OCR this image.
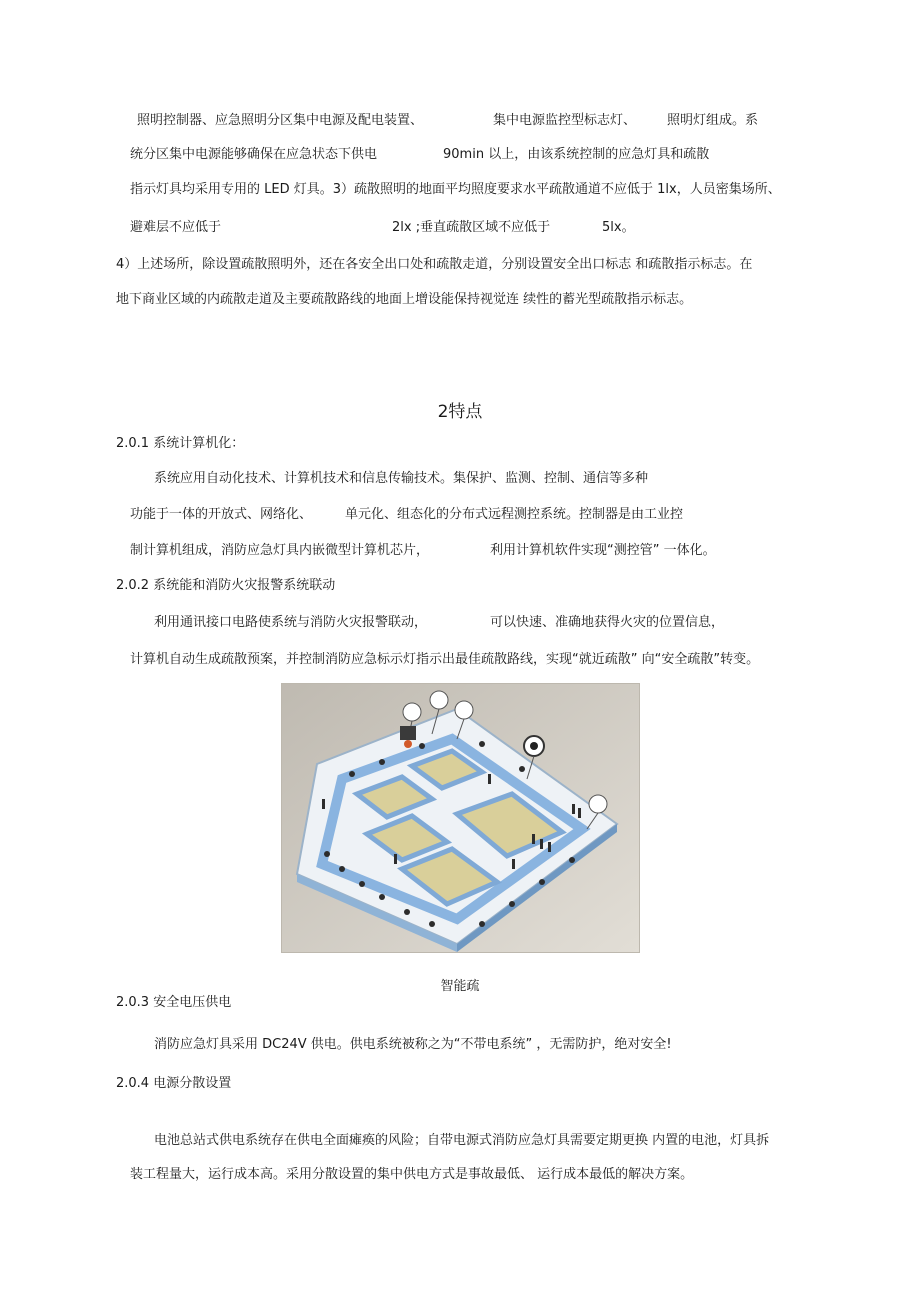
照明控制器、应急照明分区集中电源及配电装置、	集中电源监控型标志灯、 照明灯组成。系
统分区集中电源能够确保在应急状态下供电	90min 以上，由该系统控制的应急灯具和疏散
指示灯具均采用专用的 LED 灯具。3）疏散照明的地面平均照度要求水平疏散通道不应低于 1lx，人员密集场所、
避难层不应低于	2lx ;垂直疏散区域不应低于	5lx。
4）上述场所，除设置疏散照明外，还在各安全出口处和疏散走道，分别设置安全出口标志 和疏散指示标志。在
地下商业区域的内疏散走道及主要疏散路线的地面上增设能保持视觉连 续性的蓄光型疏散指示标志。
2特点
2.0.1 系统计算机化：
系统应用自动化技术、计算机技术和信息传输技术。集保护、监测、控制、通信等多种
功能于一体的开放式、网络化、	单元化、组态化的分布式远程测控系统。控制器是由工业控
制计算机组成，消防应急灯具内嵌微型计算机芯片，	利用计算机软件实现“测控管” 一体化。
2.0.2 系统能和消防火灾报警系统联动
利用通讯接口电路使系统与消防火灾报警联动，	可以快速、准确地获得火灾的位置信息，
计算机自动生成疏散预案，并控制消防应急标示灯指示出最佳疏散路线，实现“就近疏散” 向“安全疏散”转变。
智能疏
2.0.3 安全电压供电
消防应急灯具采用 DC24V 供电。供电系统被称之为“不带电系统” ，无需防护，绝对安全!
2.0.4 电源分散设置
电池总站式供电系统存在供电全面瘫痪的风险；自带电源式消防应急灯具需要定期更换 内置的电池，灯具拆
装工程量大，运行成本高。采用分散设置的集中供电方式是事故最低、 运行成本最低的解决方案。
